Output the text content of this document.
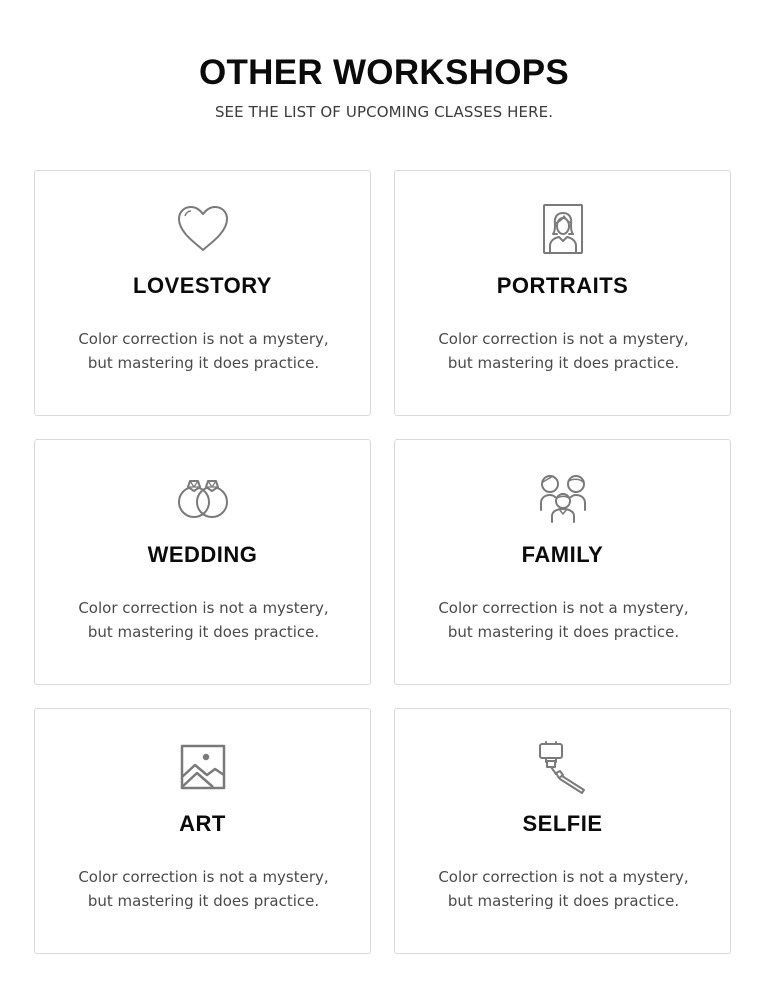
OTHER WORKSHOPS

SEE THE LIST OF UPCOMING CLASSES HERE.

LOVESTORY
Color correction is not a mystery,
but mastering it does practice.
PORTRAITS
Color correction is not a mystery,
but mastering it does practice.
WEDDING
Color correction is not a mystery,
but mastering it does practice.
FAMILY
Color correction is not a mystery,
but mastering it does practice.
ART
Color correction is not a mystery,
but mastering it does practice.
SELFIE
Color correction is not a mystery,
but mastering it does practice.
